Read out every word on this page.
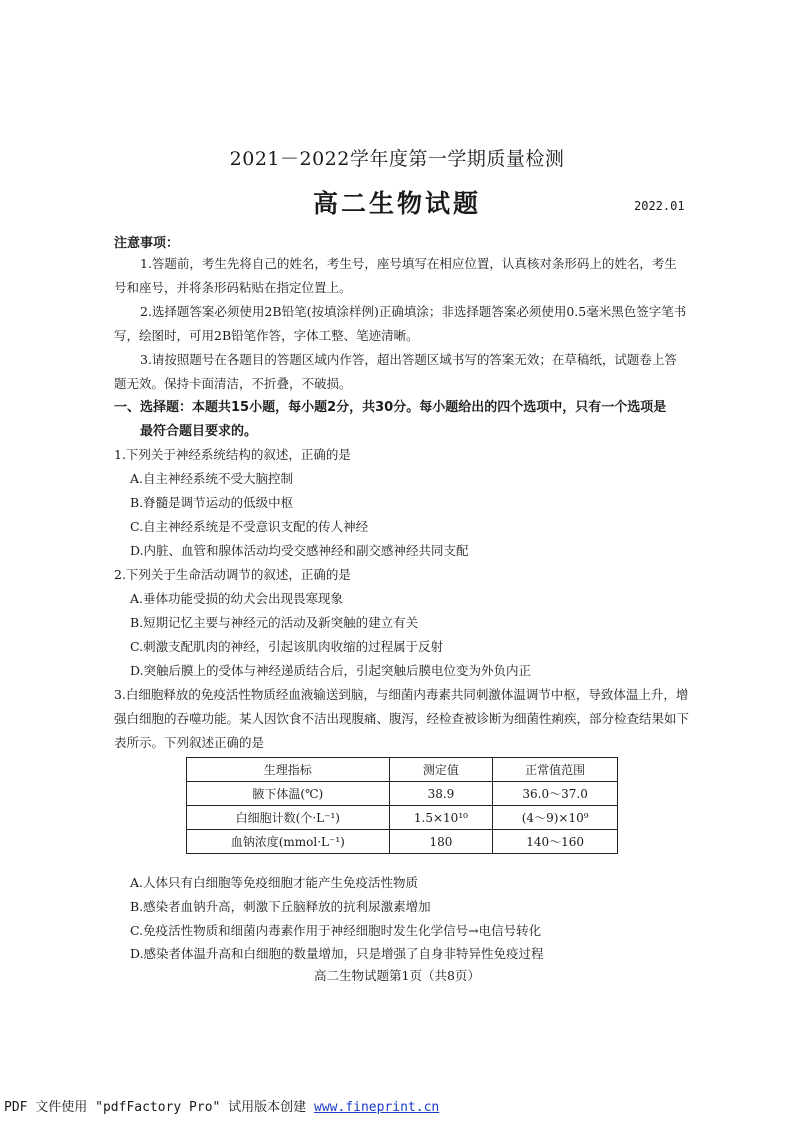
2021－2022学年度第一学期质量检测
高二生物试题	2022.01
注意事项：
1.答题前，考生先将自己的姓名，考生号，座号填写在相应位置，认真核对条形码上的姓名，考生号和座号，并将条形码粘贴在指定位置上。
2.选择题答案必须使用2B铅笔(按填涂样例)正确填涂；非选择题答案必须使用0.5毫米黑色签字笔书写，绘图时，可用2B铅笔作答，字体工整、笔迹清晰。
3.请按照题号在各题目的答题区域内作答，超出答题区域书写的答案无效；在草稿纸，试题卷上答题无效。保持卡面清洁，不折叠，不破损。
一、选择题：本题共15小题，每小题2分，共30分。每小题给出的四个选项中，只有一个选项是
最符合题目要求的。
1.下列关于神经系统结构的叙述，正确的是
A.自主神经系统不受大脑控制
B.脊髓是调节运动的低级中枢
C.自主神经系统是不受意识支配的传人神经
D.内脏、血管和腺体活动均受交感神经和副交感神经共同支配
2.下列关于生命活动调节的叙述，正确的是
A.垂体功能受损的幼犬会出现畏寒现象
B.短期记忆主要与神经元的活动及新突触的建立有关
C.刺激支配肌肉的神经，引起该肌肉收缩的过程属于反射
D.突触后膜上的受体与神经递质结合后，引起突触后膜电位变为外负内正
3.白细胞释放的免疫活性物质经血液输送到脑，与细菌内毒素共同刺激体温调节中枢，导致体温上升，增强白细胞的吞噬功能。某人因饮食不洁出现腹痛、腹泻，经检查被诊断为细菌性痢疾，部分检查结果如下表所示。下列叙述正确的是
生理指标	测定值	正常值范围
腋下体温(℃)	38.9	36.0～37.0
白细胞计数(个·L⁻¹)	1.5×10¹⁰	(4～9)×10⁹
血钠浓度(mmol·L⁻¹)	180	140～160
A.人体只有白细胞等免疫细胞才能产生免疫活性物质
B.感染者血钠升高，刺激下丘脑释放的抗利尿激素增加
C.免疫活性物质和细菌内毒素作用于神经细胞时发生化学信号→电信号转化
D.感染者体温升高和白细胞的数量增加，只是增强了自身非特异性免疫过程
高二生物试题第1页（共8页）
PDF 文件使用 "pdfFactory Pro" 试用版本创建 www.fineprint.cn
